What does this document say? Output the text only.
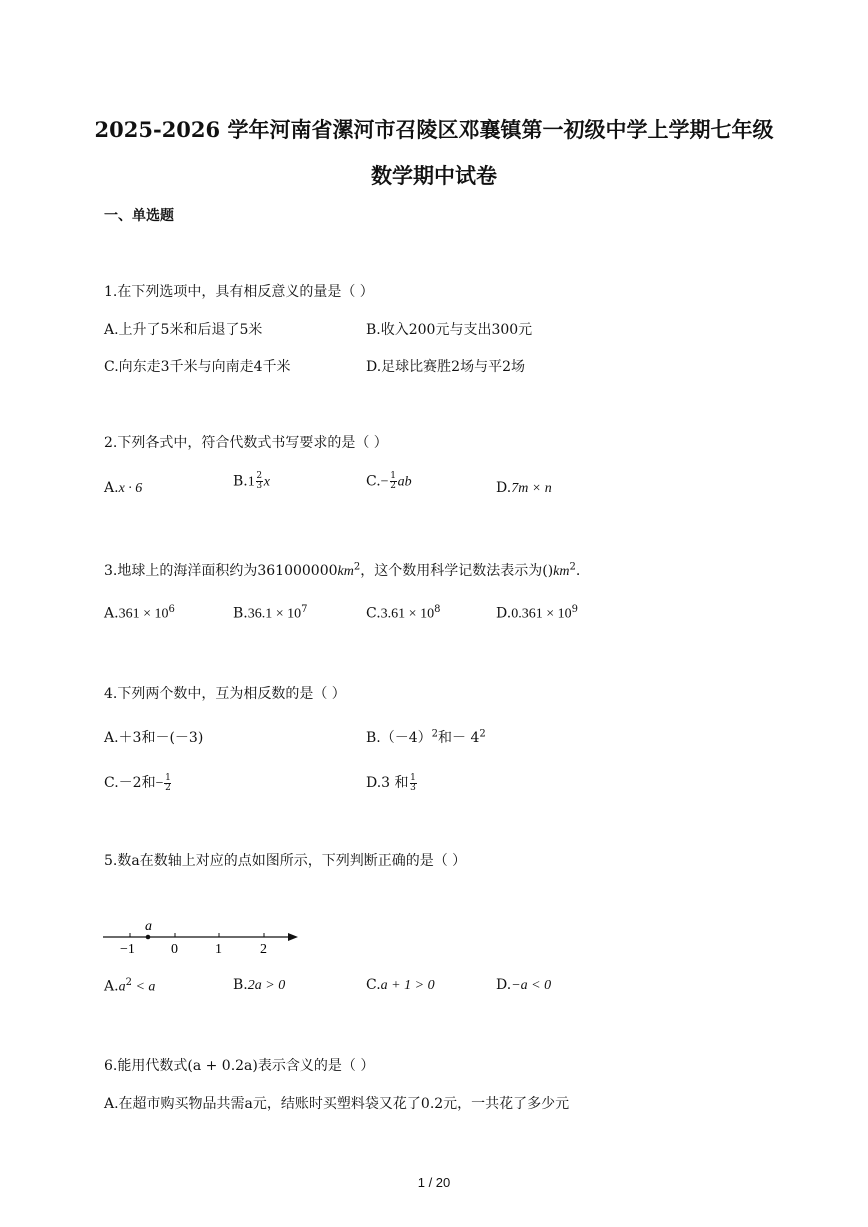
2025-2026 学年河南省漯河市召陵区邓襄镇第一初级中学上学期七年级
数学期中试卷
一、单选题
1.在下列选项中，具有相反意义的量是（ ）
A.上升了5米和后退了5米	B.收入200元与支出300元
C.向东走3千米与向南走4千米	D.足球比赛胜2场与平2场
2.下列各式中，符合代数式书写要求的是（ ）
A.x · 6	$B.1 \frac{2}{3}$ x	$C.- \frac{1}{2}$ ab	D.7m × n
3.地球上的海洋面积约为$361000000km^2$，这个数用科学记数法表示为$()km^2$.
$A.361 \times 10^6$	$B.36.1 \times 10^7$	$C.3.61 \times 10^8$	$D.0.361 \times 10^9$
4.下列两个数中，互为相反数的是（ ）
A.＋3和－(－3)	$B.(-4)^2$和－ $4^2$
C.－2和− $\frac{1}{2}$	D.3 和 $\frac{1}{3}$
5.数a在数轴上对应的点如图所示，下列判断正确的是（ ）
a
−1	0	1	2
$A.a^2 < a$	B.2a > 0	C.a + 1 > 0	D.−a < 0
6.能用代数式(a + 0.2a)表示含义的是（ ）
A.在超市购买物品共需a元，结账时买塑料袋又花了0.2元，一共花了多少元
1 / 20
